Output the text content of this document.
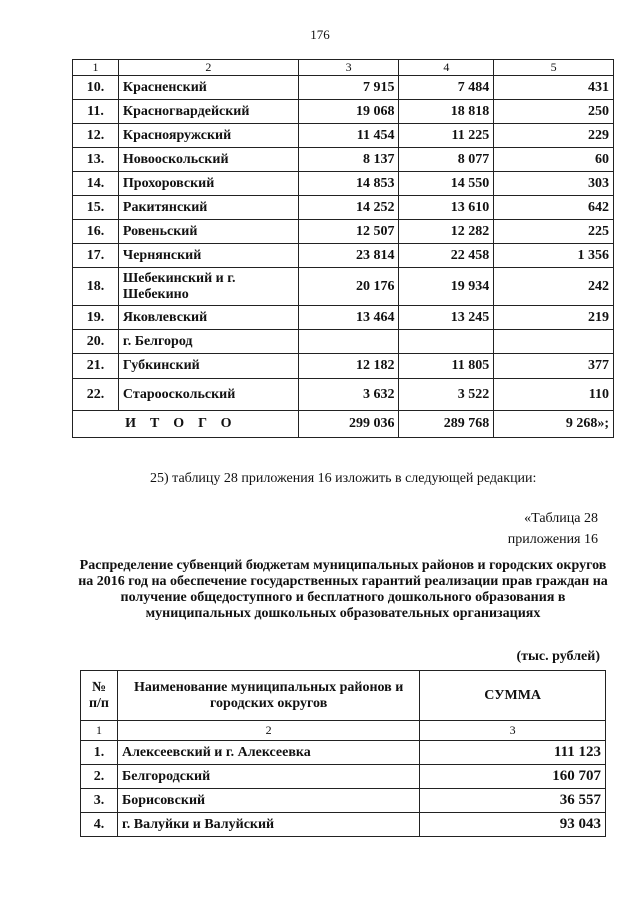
176
1	2	3	4	5
10.	Красненский	7 915	7 484	431
11.	Красногвардейский	19 068	18 818	250
12.	Краснояружский	11 454	11 225	229
13.	Новооскольский	8 137	8 077	60
14.	Прохоровский	14 853	14 550	303
15.	Ракитянский	14 252	13 610	642
16.	Ровеньский	12 507	12 282	225
17.	Чернянский	23 814	22 458	1 356
18.	Шебекинский и г. Шебекино	20 176	19 934	242
19.	Яковлевский	13 464	13 245	219
20.	г. Белгород			
21.	Губкинский	12 182	11 805	377
22.	Старооскольский	3 632	3 522	110
ИТОГО		299 036	289 768	9 268»;
25) таблицу 28 приложения 16 изложить в следующей редакции:
«Таблица 28
приложения 16
Распределение субвенций бюджетам муниципальных районов и городских округов на 2016 год на обеспечение государственных гарантий реализации прав граждан на получение общедоступного и бесплатного дошкольного образования в муниципальных дошкольных образовательных организациях
(тыс. рублей)
№ п/п	Наименование муниципальных районов и городских округов	СУММА
1	2	3
1.	Алексеевский и г. Алексеевка	111 123
2.	Белгородский	160 707
3.	Борисовский	36 557
4.	г. Валуйки и Валуйский	93 043
